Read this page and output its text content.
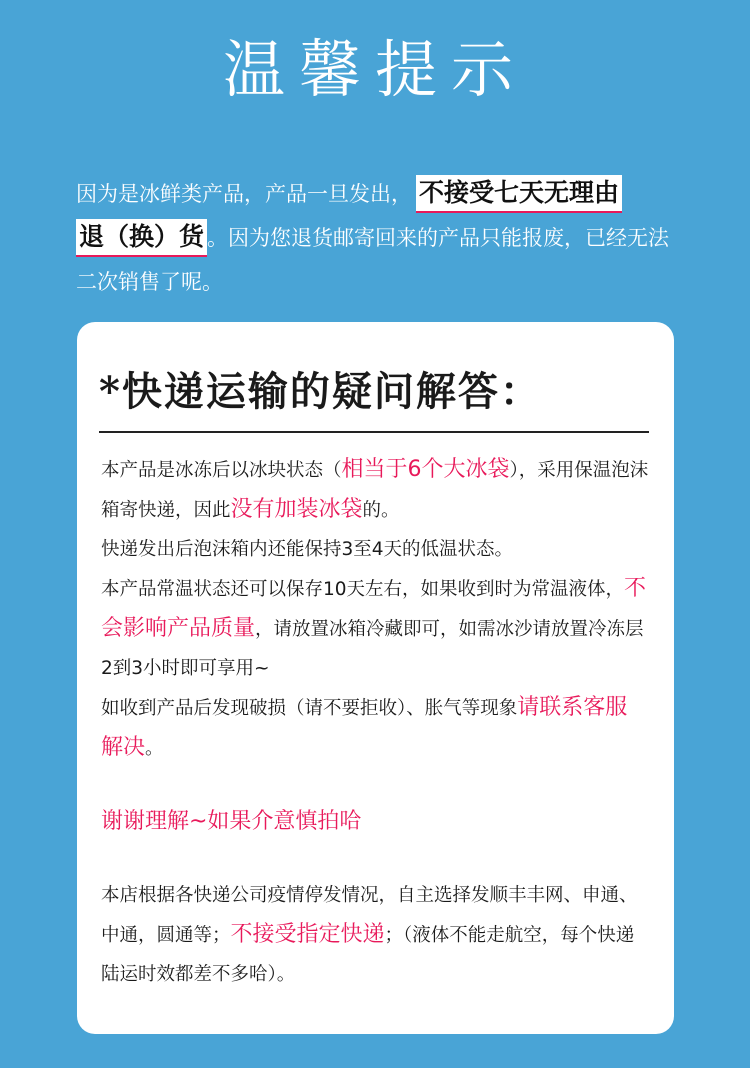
温馨提示
因为是冰鲜类产品，产品一旦发出， 不接受七天无理由
退（换）货 。因为您退货邮寄回来的产品只能报废，已经无法二次销售了呢。
*快递运输的疑问解答：
本产品是冰冻后以冰块状态（相当于6个大冰袋），采用保温泡沫箱寄快递，因此没有加装冰袋的。
快递发出后泡沫箱内还能保持3至4天的低温状态。
本产品常温状态还可以保存10天左右，如果收到时为常温液体，不会影响产品质量，请放置冰箱冷藏即可，如需冰沙请放置冷冻层2到3小时即可享用~
如收到产品后发现破损（请不要拒收）、胀气等现象请联系客服解决。
谢谢理解~如果介意慎拍哈
本店根据各快递公司疫情停发情况，自主选择发顺丰丰网、申通、中通，圆通等；不接受指定快递；（液体不能走航空，每个快递陆运时效都差不多哈）。
